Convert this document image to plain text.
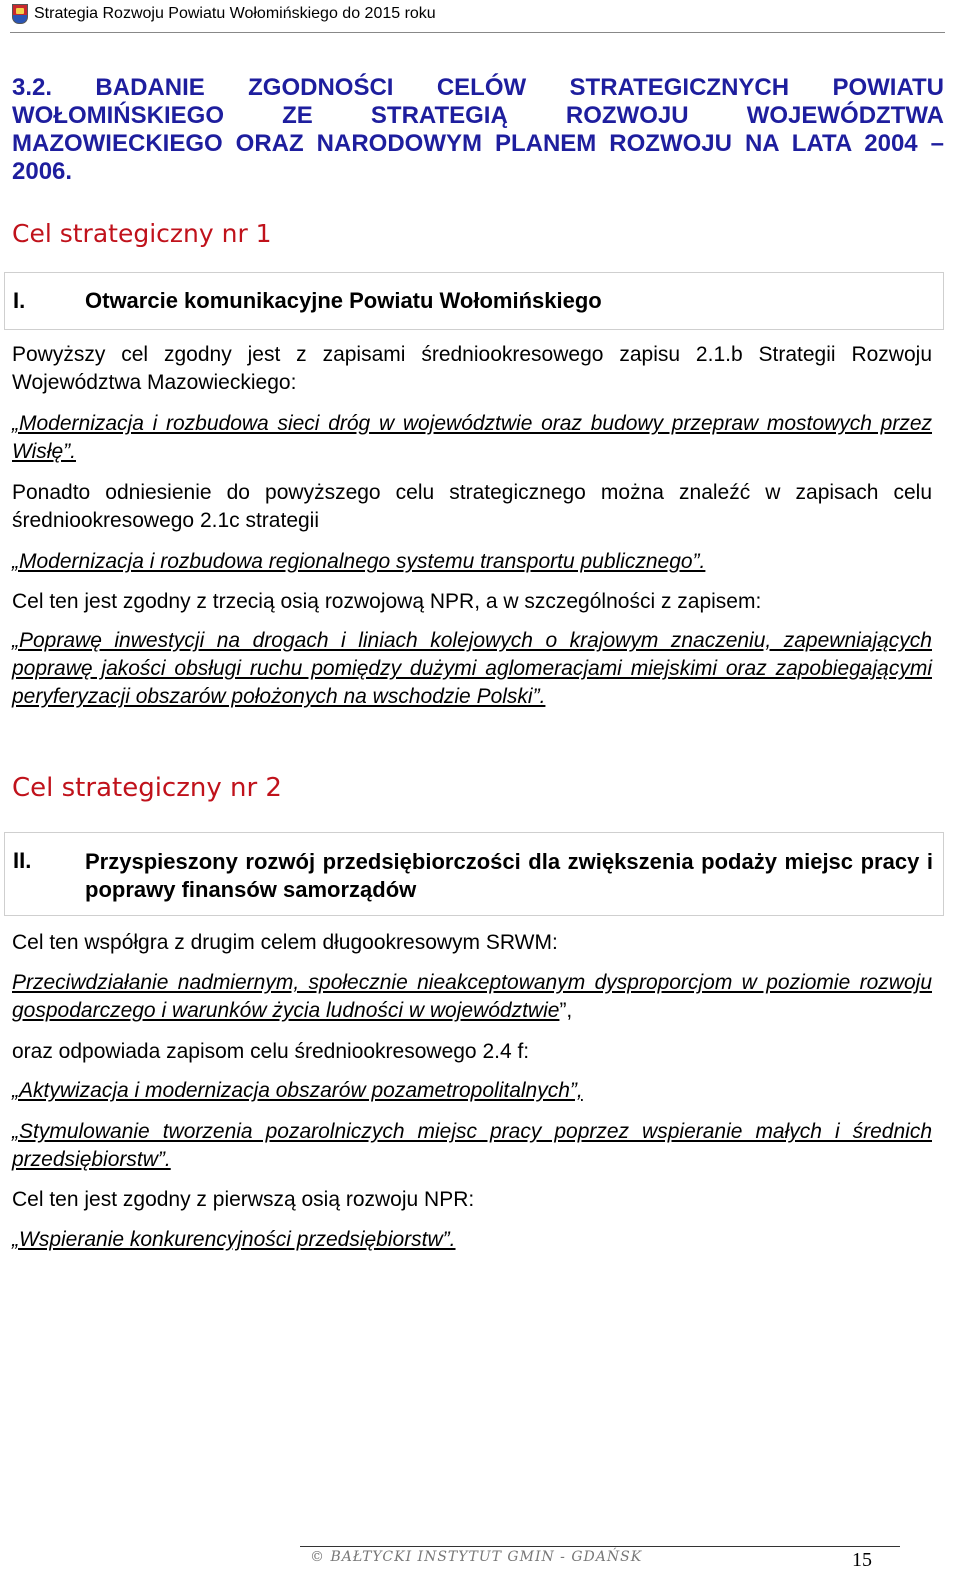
Strategia Rozwoju Powiatu Wołomińskiego do 2015 roku
3.2. BADANIE ZGODNOŚCI CELÓW STRATEGICZNYCH POWIATU WOŁOMIŃSKIEGO ZE STRATEGIĄ ROZWOJU WOJEWÓDZTWA MAZOWIECKIEGO ORAZ NARODOWYM PLANEM ROZWOJU NA LATA 2004 – 2006.
Cel strategiczny nr 1
I.	Otwarcie komunikacyjne Powiatu Wołomińskiego
Powyższy cel zgodny jest z zapisami średniookresowego zapisu 2.1.b Strategii Rozwoju Województwa Mazowieckiego:
„Modernizacja i rozbudowa sieci dróg w województwie oraz budowy przepraw mostowych przez Wisłę”.
Ponadto odniesienie do powyższego celu strategicznego można znaleźć w zapisach celu średniookresowego 2.1c strategii
„Modernizacja i rozbudowa regionalnego systemu transportu publicznego”.
Cel ten jest zgodny z trzecią osią rozwojową NPR, a w szczególności z zapisem:
„Poprawę inwestycji na drogach i liniach kolejowych o krajowym znaczeniu, zapewniających poprawę jakości obsługi ruchu pomiędzy dużymi aglomeracjami miejskimi oraz zapobiegającymi peryferyzacji obszarów położonych na wschodzie Polski”.
Cel strategiczny nr 2
II. Przyspieszony rozwój przedsiębiorczości dla zwiększenia podaży miejsc pracy i poprawy finansów samorządów
Cel ten współgra z drugim celem długookresowym SRWM:
Przeciwdziałanie nadmiernym, społecznie nieakceptowanym dysproporcjom w poziomie rozwoju gospodarczego i warunków życia ludności w województwie”,
oraz odpowiada zapisom celu średniookresowego 2.4 f:
„Aktywizacja i modernizacja obszarów pozametropolitalnych”,
„Stymulowanie tworzenia pozarolniczych miejsc pracy poprzez wspieranie małych i średnich przedsiębiorstw”.
Cel ten jest zgodny z pierwszą osią rozwoju NPR:
„Wspieranie konkurencyjności przedsiębiorstw”.
© BAŁTYCKI INSTYTUT GMIN - GDAŃSK	15
